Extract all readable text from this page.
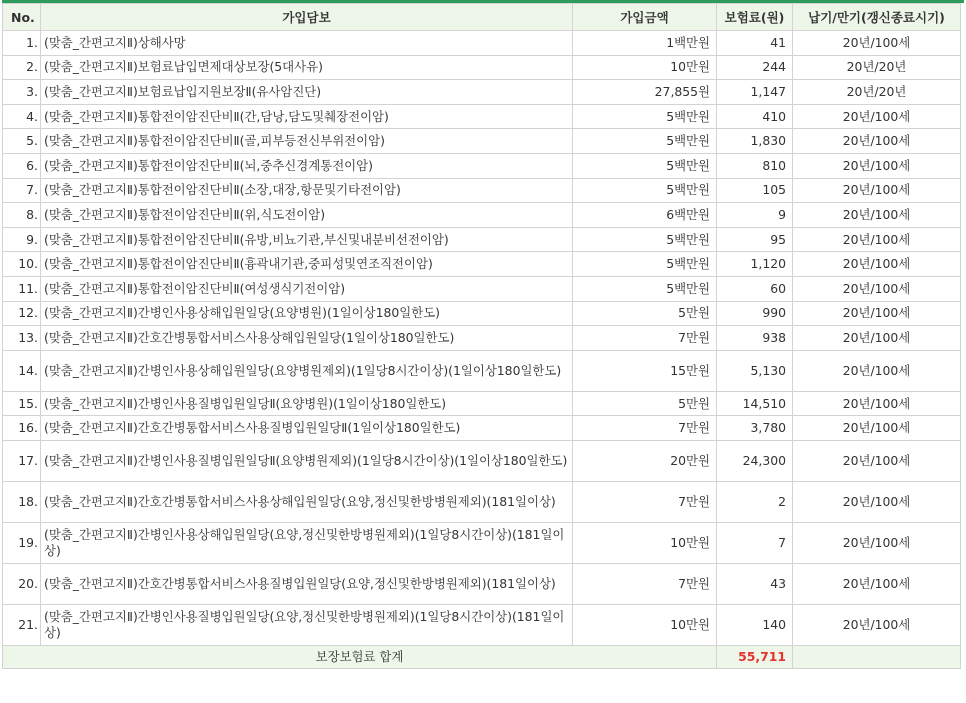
No.	가입담보	가입금액	보험료(원)	납기/만기(갱신종료시기)
1.	(맞춤_간편고지Ⅱ)상해사망	1백만원	41	20년/100세
2.	(맞춤_간편고지Ⅱ)보험료납입면제대상보장(5대사유)	10만원	244	20년/20년
3.	(맞춤_간편고지Ⅱ)보험료납입지원보장Ⅱ(유사암진단)	27,855원	1,147	20년/20년
4.	(맞춤_간편고지Ⅱ)통합전이암진단비Ⅱ(간,담낭,담도및췌장전이암)	5백만원	410	20년/100세
5.	(맞춤_간편고지Ⅱ)통합전이암진단비Ⅱ(골,피부등전신부위전이암)	5백만원	1,830	20년/100세
6.	(맞춤_간편고지Ⅱ)통합전이암진단비Ⅱ(뇌,중추신경계통전이암)	5백만원	810	20년/100세
7.	(맞춤_간편고지Ⅱ)통합전이암진단비Ⅱ(소장,대장,항문및기타전이암)	5백만원	105	20년/100세
8.	(맞춤_간편고지Ⅱ)통합전이암진단비Ⅱ(위,식도전이암)	6백만원	9	20년/100세
9.	(맞춤_간편고지Ⅱ)통합전이암진단비Ⅱ(유방,비뇨기관,부신및내분비선전이암)	5백만원	95	20년/100세
10.	(맞춤_간편고지Ⅱ)통합전이암진단비Ⅱ(흉곽내기관,중피성및연조직전이암)	5백만원	1,120	20년/100세
11.	(맞춤_간편고지Ⅱ)통합전이암진단비Ⅱ(여성생식기전이암)	5백만원	60	20년/100세
12.	(맞춤_간편고지Ⅱ)간병인사용상해입원일당(요양병원)(1일이상180일한도)	5만원	990	20년/100세
13.	(맞춤_간편고지Ⅱ)간호간병통합서비스사용상해입원일당(1일이상180일한도)	7만원	938	20년/100세
14.	(맞춤_간편고지Ⅱ)간병인사용상해입원일당(요양병원제외)(1일당8시간이상)(1일이상180일한도)	15만원	5,130	20년/100세
15.	(맞춤_간편고지Ⅱ)간병인사용질병입원일당Ⅱ(요양병원)(1일이상180일한도)	5만원	14,510	20년/100세
16.	(맞춤_간편고지Ⅱ)간호간병통합서비스사용질병입원일당Ⅱ(1일이상180일한도)	7만원	3,780	20년/100세
17.	(맞춤_간편고지Ⅱ)간병인사용질병입원일당Ⅱ(요양병원제외)(1일당8시간이상)(1일이상180일한도)	20만원	24,300	20년/100세
18.	(맞춤_간편고지Ⅱ)간호간병통합서비스사용상해입원일당(요양,정신및한방병원제외)(181일이상)	7만원	2	20년/100세
19.	(맞춤_간편고지Ⅱ)간병인사용상해입원일당(요양,정신및한방병원제외)(1일당8시간이상)(181일이상)	10만원	7	20년/100세
20.	(맞춤_간편고지Ⅱ)간호간병통합서비스사용질병입원일당(요양,정신및한방병원제외)(181일이상)	7만원	43	20년/100세
21.	(맞춤_간편고지Ⅱ)간병인사용질병입원일당(요양,정신및한방병원제외)(1일당8시간이상)(181일이상)	10만원	140	20년/100세
보장보험료 합계			55,711	
